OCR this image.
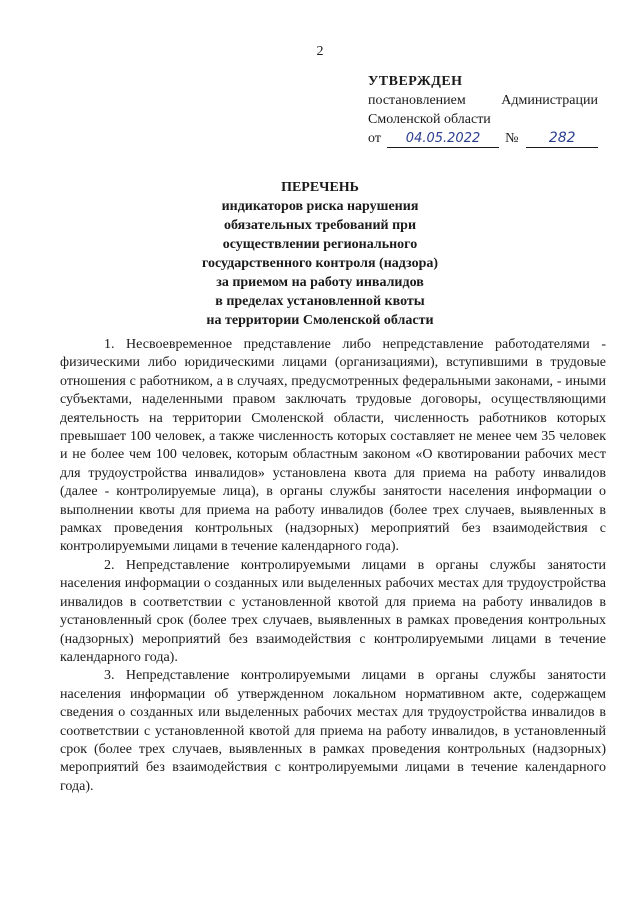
2
УТВЕРЖДЕН
постановлением	Администрации
Смоленской области
от	04.05.2022	№	282
ПЕРЕЧЕНЬ
индикаторов риска нарушения
обязательных требований при
осуществлении регионального
государственного контроля (надзора)
за приемом на работу инвалидов
в пределах установленной квоты
на территории Смоленской области

1. Несвоевременное представление либо непредставление работодателями - физическими либо юридическими лицами (организациями), вступившими в трудовые отношения с работником, а в случаях, предусмотренных федеральными законами, - иными субъектами, наделенными правом заключать трудовые договоры, осуществляющими деятельность на территории Смоленской области, численность работников которых превышает 100 человек, а также численность которых составляет не менее чем 35 человек и не более чем 100 человек, которым областным законом «О квотировании рабочих мест для трудоустройства инвалидов» установлена квота для приема на работу инвалидов (далее - контролируемые лица), в органы службы занятости населения информации о выполнении квоты для приема на работу инвалидов (более трех случаев, выявленных в рамках проведения контрольных (надзорных) мероприятий без взаимодействия с контролируемыми лицами в течение календарного года).

2. Непредставление контролируемыми лицами в органы службы занятости населения информации о созданных или выделенных рабочих местах для трудоустройства инвалидов в соответствии с установленной квотой для приема на работу инвалидов в установленный срок (более трех случаев, выявленных в рамках проведения контрольных (надзорных) мероприятий без взаимодействия с контролируемыми лицами в течение календарного года).

3. Непредставление контролируемыми лицами в органы службы занятости населения информации об утвержденном локальном нормативном акте, содержащем сведения о созданных или выделенных рабочих местах для трудоустройства инвалидов в соответствии с установленной квотой для приема на работу инвалидов, в установленный срок (более трех случаев, выявленных в рамках проведения контрольных (надзорных) мероприятий без взаимодействия с контролируемыми лицами в течение календарного года).
